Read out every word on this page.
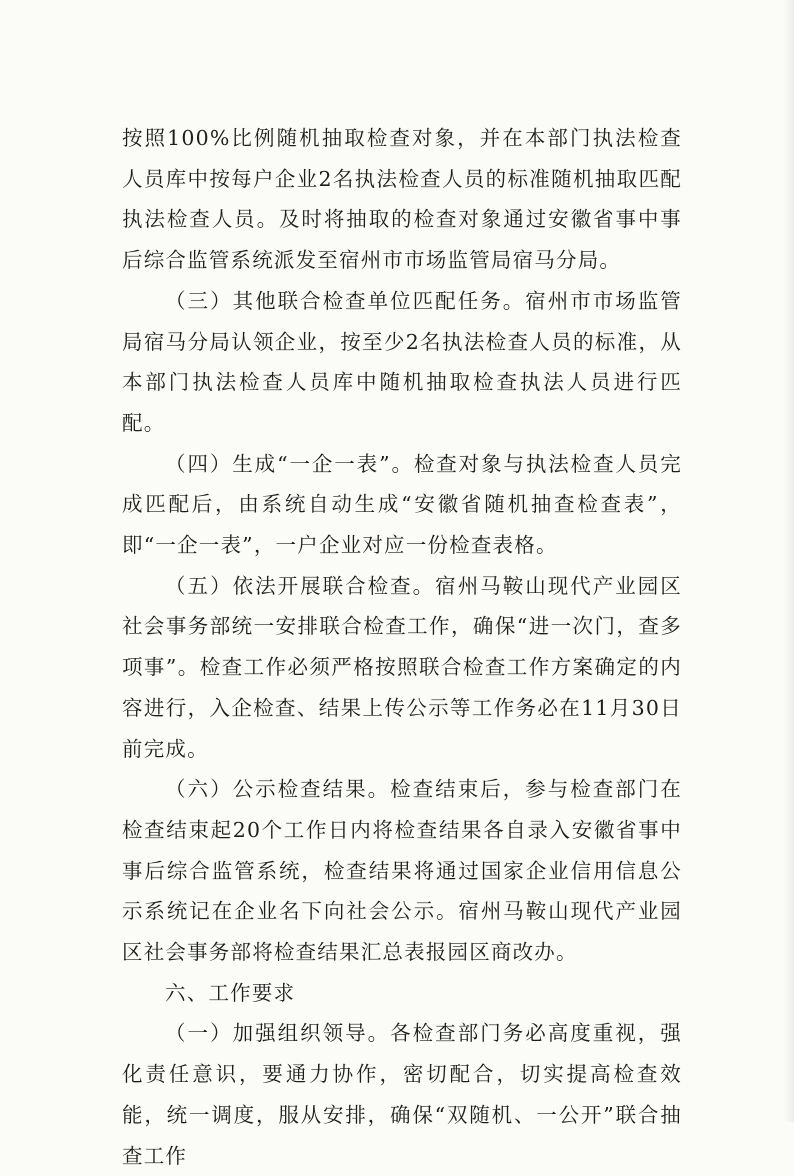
按照100%比例随机抽取检查对象，并在本部门执法检查人员库中按每户企业2名执法检查人员的标准随机抽取匹配执法检查人员。及时将抽取的检查对象通过安徽省事中事后综合监管系统派发至宿州市市场监管局宿马分局。

（三）其他联合检查单位匹配任务。宿州市市场监管局宿马分局认领企业，按至少2名执法检查人员的标准，从本部门执法检查人员库中随机抽取检查执法人员进行匹配。

（四）生成“一企一表”。检查对象与执法检查人员完成匹配后，由系统自动生成“安徽省随机抽查检查表”，即“一企一表”，一户企业对应一份检查表格。

（五）依法开展联合检查。宿州马鞍山现代产业园区社会事务部统一安排联合检查工作，确保“进一次门，查多项事”。检查工作必须严格按照联合检查工作方案确定的内容进行，入企检查、结果上传公示等工作务必在11月30日前完成。

（六）公示检查结果。检查结束后，参与检查部门在检查结束起20个工作日内将检查结果各自录入安徽省事中事后综合监管系统，检查结果将通过国家企业信用信息公示系统记在企业名下向社会公示。宿州马鞍山现代产业园区社会事务部将检查结果汇总表报园区商改办。

六、工作要求

（一）加强组织领导。各检查部门务必高度重视，强化责任意识，要通力协作，密切配合，切实提高检查效能，统一调度，服从安排，确保“双随机、一公开”联合抽查工作
